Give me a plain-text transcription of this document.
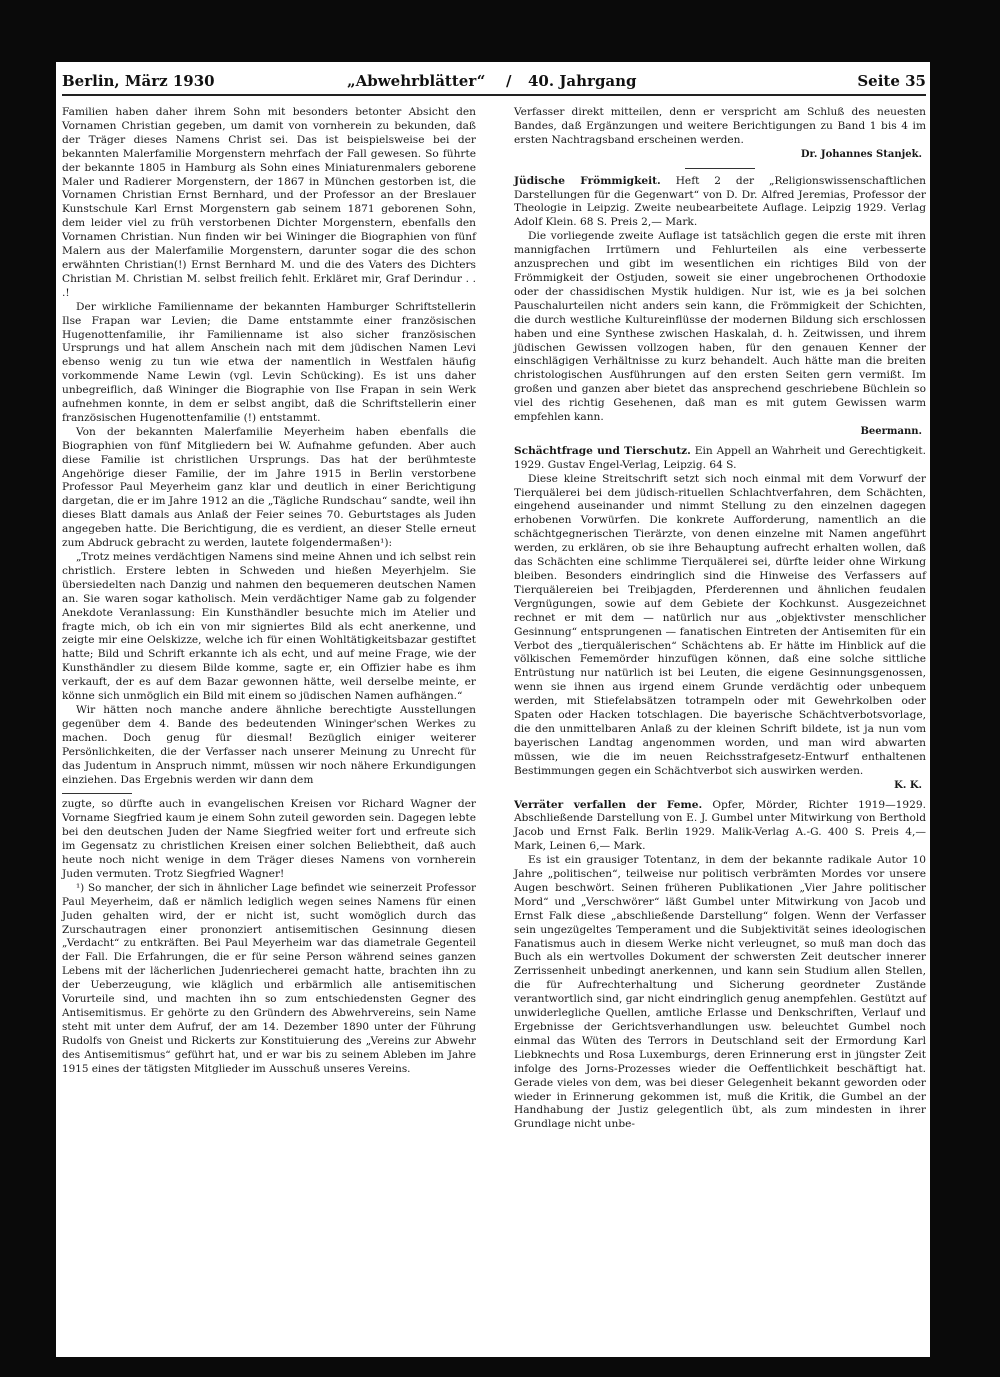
Berlin, März 1930	„Abwehrblätter“ / 40. Jahrgang	Seite 35

Familien haben daher ihrem Sohn mit besonders betonter Absicht den Vornamen Christian gegeben, um damit von vornherein zu bekunden, daß der Träger dieses Namens Christ sei. Das ist beispielsweise bei der bekannten Malerfamilie Morgenstern mehrfach der Fall gewesen. So führte der bekannte 1805 in Hamburg als Sohn eines Miniaturenmalers geborene Maler und Radierer Morgenstern, der 1867 in München gestorben ist, die Vornamen Christian Ernst Bernhard, und der Professor an der Breslauer Kunstschule Karl Ernst Morgenstern gab seinem 1871 geborenen Sohn, dem leider viel zu früh verstorbenen Dichter Morgenstern, ebenfalls den Vornamen Christian. Nun finden wir bei Wininger die Biographien von fünf Malern aus der Malerfamilie Morgenstern, darunter sogar die des schon erwähnten Christian(!) Ernst Bernhard M. und die des Vaters des Dichters Christian M. Christian M. selbst freilich fehlt. Erkläret mir, Graf Derindur . . .!

Der wirkliche Familienname der bekannten Hamburger Schriftstellerin Ilse Frapan war Levien; die Dame entstammte einer französischen Hugenottenfamilie, ihr Familienname ist also sicher französischen Ursprungs und hat allem Anschein nach mit dem jüdischen Namen Levi ebenso wenig zu tun wie etwa der namentlich in Westfalen häufig vorkommende Name Lewin (vgl. Levin Schücking). Es ist uns daher unbegreiflich, daß Wininger die Biographie von Ilse Frapan in sein Werk aufnehmen konnte, in dem er selbst angibt, daß die Schriftstellerin einer französischen Hugenottenfamilie (!) entstammt.

Von der bekannten Malerfamilie Meyerheim haben ebenfalls die Biographien von fünf Mitgliedern bei W. Aufnahme gefunden. Aber auch diese Familie ist christlichen Ursprungs. Das hat der berühmteste Angehörige dieser Familie, der im Jahre 1915 in Berlin verstorbene Professor Paul Meyerheim ganz klar und deutlich in einer Berichtigung dargetan, die er im Jahre 1912 an die „Tägliche Rundschau“ sandte, weil ihn dieses Blatt damals aus Anlaß der Feier seines 70. Geburtstages als Juden angegeben hatte. Die Berichtigung, die es verdient, an dieser Stelle erneut zum Abdruck gebracht zu werden, lautete folgendermaßen¹):

„Trotz meines verdächtigen Namens sind meine Ahnen und ich selbst rein christlich. Erstere lebten in Schweden und hießen Meyerhjelm. Sie übersiedelten nach Danzig und nahmen den bequemeren deutschen Namen an. Sie waren sogar katholisch. Mein verdächtiger Name gab zu folgender Anekdote Veranlassung: Ein Kunsthändler besuchte mich im Atelier und fragte mich, ob ich ein von mir signiertes Bild als echt anerkenne, und zeigte mir eine Oelskizze, welche ich für einen Wohltätigkeitsbazar gestiftet hatte; Bild und Schrift erkannte ich als echt, und auf meine Frage, wie der Kunsthändler zu diesem Bilde komme, sagte er, ein Offizier habe es ihm verkauft, der es auf dem Bazar gewonnen hätte, weil derselbe meinte, er könne sich unmöglich ein Bild mit einem so jüdischen Namen aufhängen.“

Wir hätten noch manche andere ähnliche berechtigte Ausstellungen gegenüber dem 4. Bande des bedeutenden Wininger'schen Werkes zu machen. Doch genug für diesmal! Bezüglich einiger weiterer Persönlichkeiten, die der Verfasser nach unserer Meinung zu Unrecht für das Judentum in Anspruch nimmt, müssen wir noch nähere Erkundigungen einziehen. Das Ergebnis werden wir dann dem

zugte, so dürfte auch in evangelischen Kreisen vor Richard Wagner der Vorname Siegfried kaum je einem Sohn zuteil geworden sein. Dagegen lebte bei den deutschen Juden der Name Siegfried weiter fort und erfreute sich im Gegensatz zu christlichen Kreisen einer solchen Beliebtheit, daß auch heute noch nicht wenige in dem Träger dieses Namens von vornherein Juden vermuten. Trotz Siegfried Wagner!

¹) So mancher, der sich in ähnlicher Lage befindet wie seinerzeit Professor Paul Meyerheim, daß er nämlich lediglich wegen seines Namens für einen Juden gehalten wird, der er nicht ist, sucht womöglich durch das Zurschautragen einer prononziert antisemitischen Gesinnung diesen „Verdacht“ zu entkräften. Bei Paul Meyerheim war das diametrale Gegenteil der Fall. Die Erfahrungen, die er für seine Person während seines ganzen Lebens mit der lächerlichen Judenriecherei gemacht hatte, brachten ihn zu der Ueberzeugung, wie kläglich und erbärmlich alle antisemitischen Vorurteile sind, und machten ihn so zum entschiedensten Gegner des Antisemitismus. Er gehörte zu den Gründern des Abwehrvereins, sein Name steht mit unter dem Aufruf, der am 14. Dezember 1890 unter der Führung Rudolfs von Gneist und Rickerts zur Konstituierung des „Vereins zur Abwehr des Antisemitismus“ geführt hat, und er war bis zu seinem Ableben im Jahre 1915 eines der tätigsten Mitglieder im Ausschuß unseres Vereins.

Verfasser direkt mitteilen, denn er verspricht am Schluß des neuesten Bandes, daß Ergänzungen und weitere Berichtigungen zu Band 1 bis 4 im ersten Nachtragsband erscheinen werden.

Dr. Johannes Stanjek.

Jüdische Frömmigkeit. Heft 2 der „Religionswissenschaftlichen Darstellungen für die Gegenwart“ von D. Dr. Alfred Jeremias, Professor der Theologie in Leipzig. Zweite neubearbeitete Auflage. Leipzig 1929. Verlag Adolf Klein. 68 S. Preis 2,— Mark.

Die vorliegende zweite Auflage ist tatsächlich gegen die erste mit ihren mannigfachen Irrtümern und Fehlurteilen als eine verbesserte anzusprechen und gibt im wesentlichen ein richtiges Bild von der Frömmigkeit der Ostjuden, soweit sie einer ungebrochenen Orthodoxie oder der chassidischen Mystik huldigen. Nur ist, wie es ja bei solchen Pauschalurteilen nicht anders sein kann, die Frömmigkeit der Schichten, die durch westliche Kultureinflüsse der modernen Bildung sich erschlossen haben und eine Synthese zwischen Haskalah, d. h. Zeitwissen, und ihrem jüdischen Gewissen vollzogen haben, für den genauen Kenner der einschlägigen Verhältnisse zu kurz behandelt. Auch hätte man die breiten christologischen Ausführungen auf den ersten Seiten gern vermißt. Im großen und ganzen aber bietet das ansprechend geschriebene Büchlein so viel des richtig Gesehenen, daß man es mit gutem Gewissen warm empfehlen kann.

Beermann.

Schächtfrage und Tierschutz. Ein Appell an Wahrheit und Gerechtigkeit. 1929. Gustav Engel-Verlag, Leipzig. 64 S.

Diese kleine Streitschrift setzt sich noch einmal mit dem Vorwurf der Tierquälerei bei dem jüdisch-rituellen Schlachtverfahren, dem Schächten, eingehend auseinander und nimmt Stellung zu den einzelnen dagegen erhobenen Vorwürfen. Die konkrete Aufforderung, namentlich an die schächtgegnerischen Tierärzte, von denen einzelne mit Namen angeführt werden, zu erklären, ob sie ihre Behauptung aufrecht erhalten wollen, daß das Schächten eine schlimme Tierquälerei sei, dürfte leider ohne Wirkung bleiben. Besonders eindringlich sind die Hinweise des Verfassers auf Tierquälereien bei Treibjagden, Pferderennen und ähnlichen feudalen Vergnügungen, sowie auf dem Gebiete der Kochkunst. Ausgezeichnet rechnet er mit dem — natürlich nur aus „objektivster menschlicher Gesinnung“ entsprungenen — fanatischen Eintreten der Antisemiten für ein Verbot des „tierquälerischen“ Schächtens ab. Er hätte im Hinblick auf die völkischen Fememörder hinzufügen können, daß eine solche sittliche Entrüstung nur natürlich ist bei Leuten, die eigene Gesinnungsgenossen, wenn sie ihnen aus irgend einem Grunde verdächtig oder unbequem werden, mit Stiefelabsätzen totrampeln oder mit Gewehrkolben oder Spaten oder Hacken totschlagen. Die bayerische Schächtverbotsvorlage, die den unmittelbaren Anlaß zu der kleinen Schrift bildete, ist ja nun vom bayerischen Landtag angenommen worden, und man wird abwarten müssen, wie die im neuen Reichsstrafgesetz-Entwurf enthaltenen Bestimmungen gegen ein Schächtverbot sich auswirken werden.

K. K.

Verräter verfallen der Feme. Opfer, Mörder, Richter 1919—1929. Abschließende Darstellung von E. J. Gumbel unter Mitwirkung von Berthold Jacob und Ernst Falk. Berlin 1929. Malik-Verlag A.-G. 400 S. Preis 4,— Mark, Leinen 6,— Mark.

Es ist ein grausiger Totentanz, in dem der bekannte radikale Autor 10 Jahre „politischen“, teilweise nur politisch verbrämten Mordes vor unsere Augen beschwört. Seinen früheren Publikationen „Vier Jahre politischer Mord“ und „Verschwörer“ läßt Gumbel unter Mitwirkung von Jacob und Ernst Falk diese „abschließende Darstellung“ folgen. Wenn der Verfasser sein ungezügeltes Temperament und die Subjektivität seines ideologischen Fanatismus auch in diesem Werke nicht verleugnet, so muß man doch das Buch als ein wertvolles Dokument der schwersten Zeit deutscher innerer Zerrissenheit unbedingt anerkennen, und kann sein Studium allen Stellen, die für Aufrechterhaltung und Sicherung geordneter Zustände verantwortlich sind, gar nicht eindringlich genug anempfehlen. Gestützt auf unwiderlegliche Quellen, amtliche Erlasse und Denkschriften, Verlauf und Ergebnisse der Gerichtsverhandlungen usw. beleuchtet Gumbel noch einmal das Wüten des Terrors in Deutschland seit der Ermordung Karl Liebknechts und Rosa Luxemburgs, deren Erinnerung erst in jüngster Zeit infolge des Jorns-Prozesses wieder die Oeffentlichkeit beschäftigt hat. Gerade vieles von dem, was bei dieser Gelegenheit bekannt geworden oder wieder in Erinnerung gekommen ist, muß die Kritik, die Gumbel an der Handhabung der Justiz gelegentlich übt, als zum mindesten in ihrer Grundlage nicht unbe-
